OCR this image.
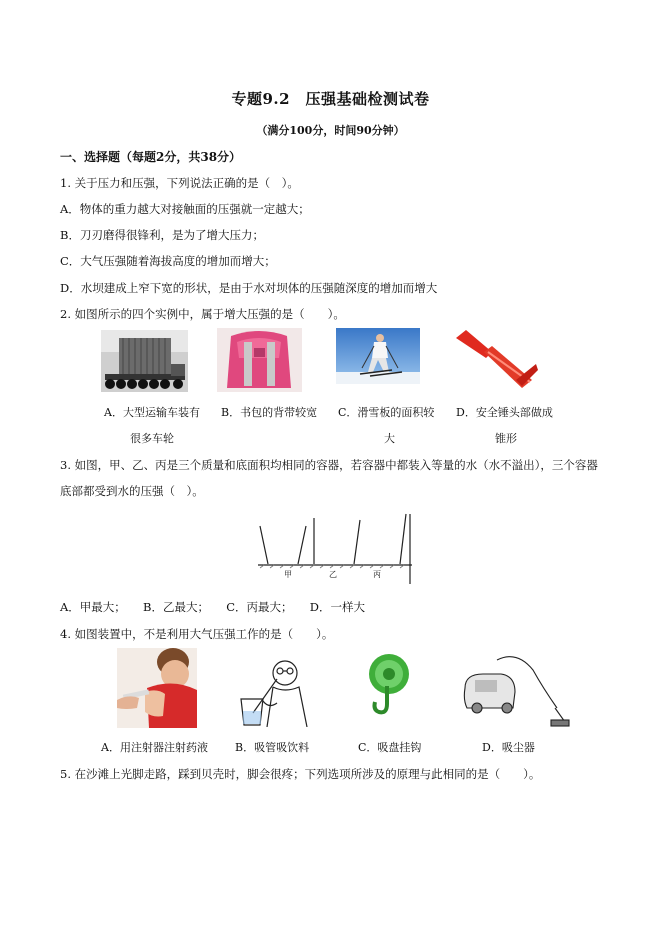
专题9.2　压强基础检测试卷
（满分100分，时间90分钟）
一、选择题（每题2分，共38分）
1. 关于压力和压强，下列说法正确的是（　）。
A．物体的重力越大对接触面的压强就一定越大；
B．刀刃磨得很锋利，是为了增大压力；
C．大气压强随着海拔高度的增加而增大；
D．水坝建成上窄下宽的形状，是由于水对坝体的压强随深度的增加而增大
2. 如图所示的四个实例中，属于增大压强的是（　　）。
A．大型运输车装有
很多车轮
B．书包的背带较宽 C．滑雪板的面积较
大
D．安全锤头部做成
锥形
3. 如图，甲、乙、丙是三个质量和底面积均相同的容器，若容器中都装入等量的水（水不溢出），三个容器
底部都受到水的压强（　）。
甲	乙	丙
A．甲最大；　　B．乙最大；　　C．丙最大；　　D．一样大
4. 如图装置中，不是利用大气压强工作的是（　　）。
A．用注射器注射药液 B．吸管吸饮料	C．吸盘挂钩	D．吸尘器
5. 在沙滩上光脚走路，踩到贝壳时，脚会很疼；下列选项所涉及的原理与此相同的是（　　）。
